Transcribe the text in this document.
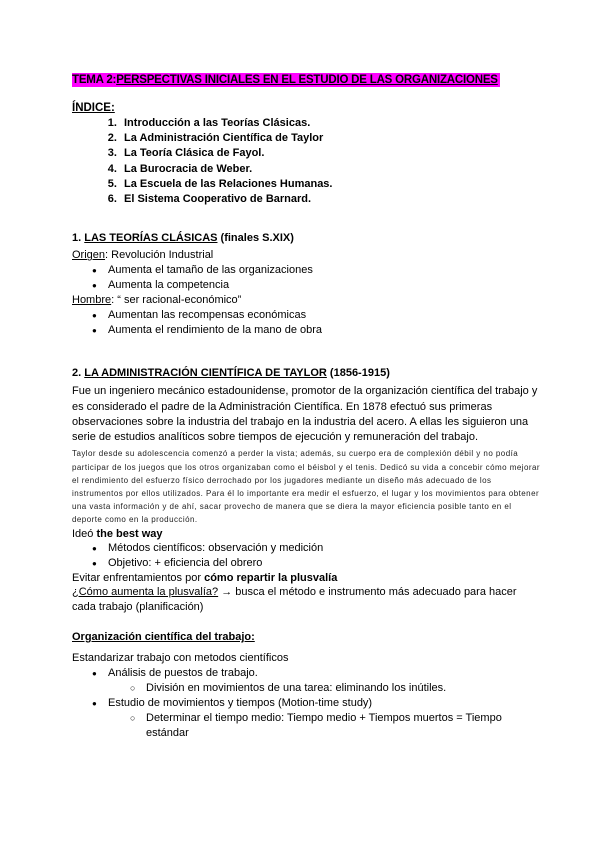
TEMA 2:PERSPECTIVAS INICIALES EN EL ESTUDIO DE LAS ORGANIZACIONES
ÍNDICE:
1. Introducción a las Teorías Clásicas.
2. La Administración Científica de Taylor
3. La Teoría Clásica de Fayol.
4. La Burocracia de Weber.
5. La Escuela de las Relaciones Humanas.
6. El Sistema Cooperativo de Barnard.
1. LAS TEORÍAS CLÁSICAS (finales S.XIX)
Origen: Revolución Industrial
● Aumenta el tamaño de las organizaciones
● Aumenta la competencia
Hombre: “ ser racional-económico”
● Aumentan las recompensas económicas
● Aumenta el rendimiento de la mano de obra
2. LA ADMINISTRACIÓN CIENTÍFICA DE TAYLOR (1856-1915)
Fue un ingeniero mecánico estadounidense, promotor de la organización científica del trabajo y es considerado el padre de la Administración Científica. En 1878 efectuó sus primeras observaciones sobre la industria del trabajo en la industria del acero. A ellas les siguieron una serie de estudios analíticos sobre tiempos de ejecución y remuneración del trabajo.
Taylor desde su adolescencia comenzó a perder la vista; además, su cuerpo era de complexión débil y no podía participar de los juegos que los otros organizaban como el béisbol y el tenis. Dedicó su vida a concebir cómo mejorar el rendimiento del esfuerzo físico derrochado por los jugadores mediante un diseño más adecuado de los instrumentos por ellos utilizados. Para él lo importante era medir el esfuerzo, el lugar y los movimientos para obtener una vasta información y de ahí, sacar provecho de manera que se diera la mayor eficiencia posible tanto en el deporte como en la producción.
Ideó the best way
● Métodos científicos: observación y medición
● Objetivo: + eficiencia del obrero
Evitar enfrentamientos por cómo repartir la plusvalía
¿Cómo aumenta la plusvalía? → busca el método e instrumento más adecuado para hacer cada trabajo (planificación)
Organización científica del trabajo:
Estandarizar trabajo con metodos científicos
● Análisis de puestos de trabajo.
○ División en movimientos de una tarea: eliminando los inútiles.
● Estudio de movimientos y tiempos (Motion-time study)
○ Determinar el tiempo medio: Tiempo medio + Tiempos muertos = Tiempo estándar
